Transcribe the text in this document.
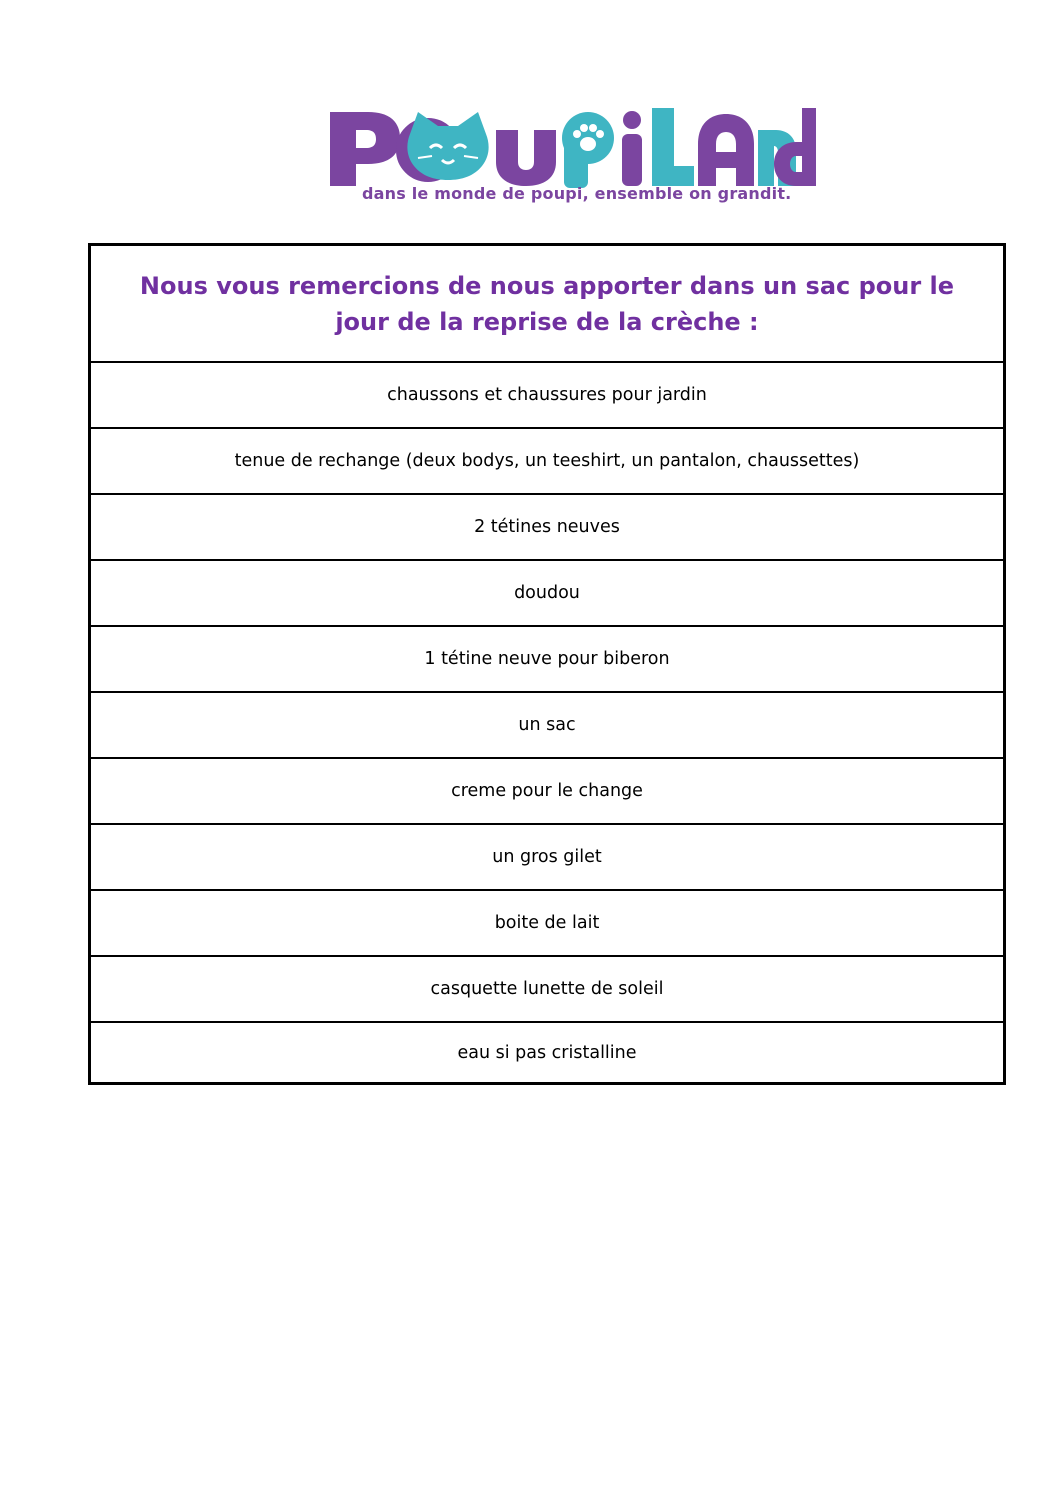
dans le monde de poupi, ensemble on grandit.
Nous vous remercions de nous apporter dans un sac pour le jour de la reprise de la crèche :
chaussons et chaussures pour jardin
tenue de rechange (deux bodys, un teeshirt, un pantalon, chaussettes)
2 tétines neuves
doudou
1 tétine neuve pour biberon
un sac
creme pour le change
un gros gilet
boite de lait
casquette lunette de soleil
eau si pas cristalline
